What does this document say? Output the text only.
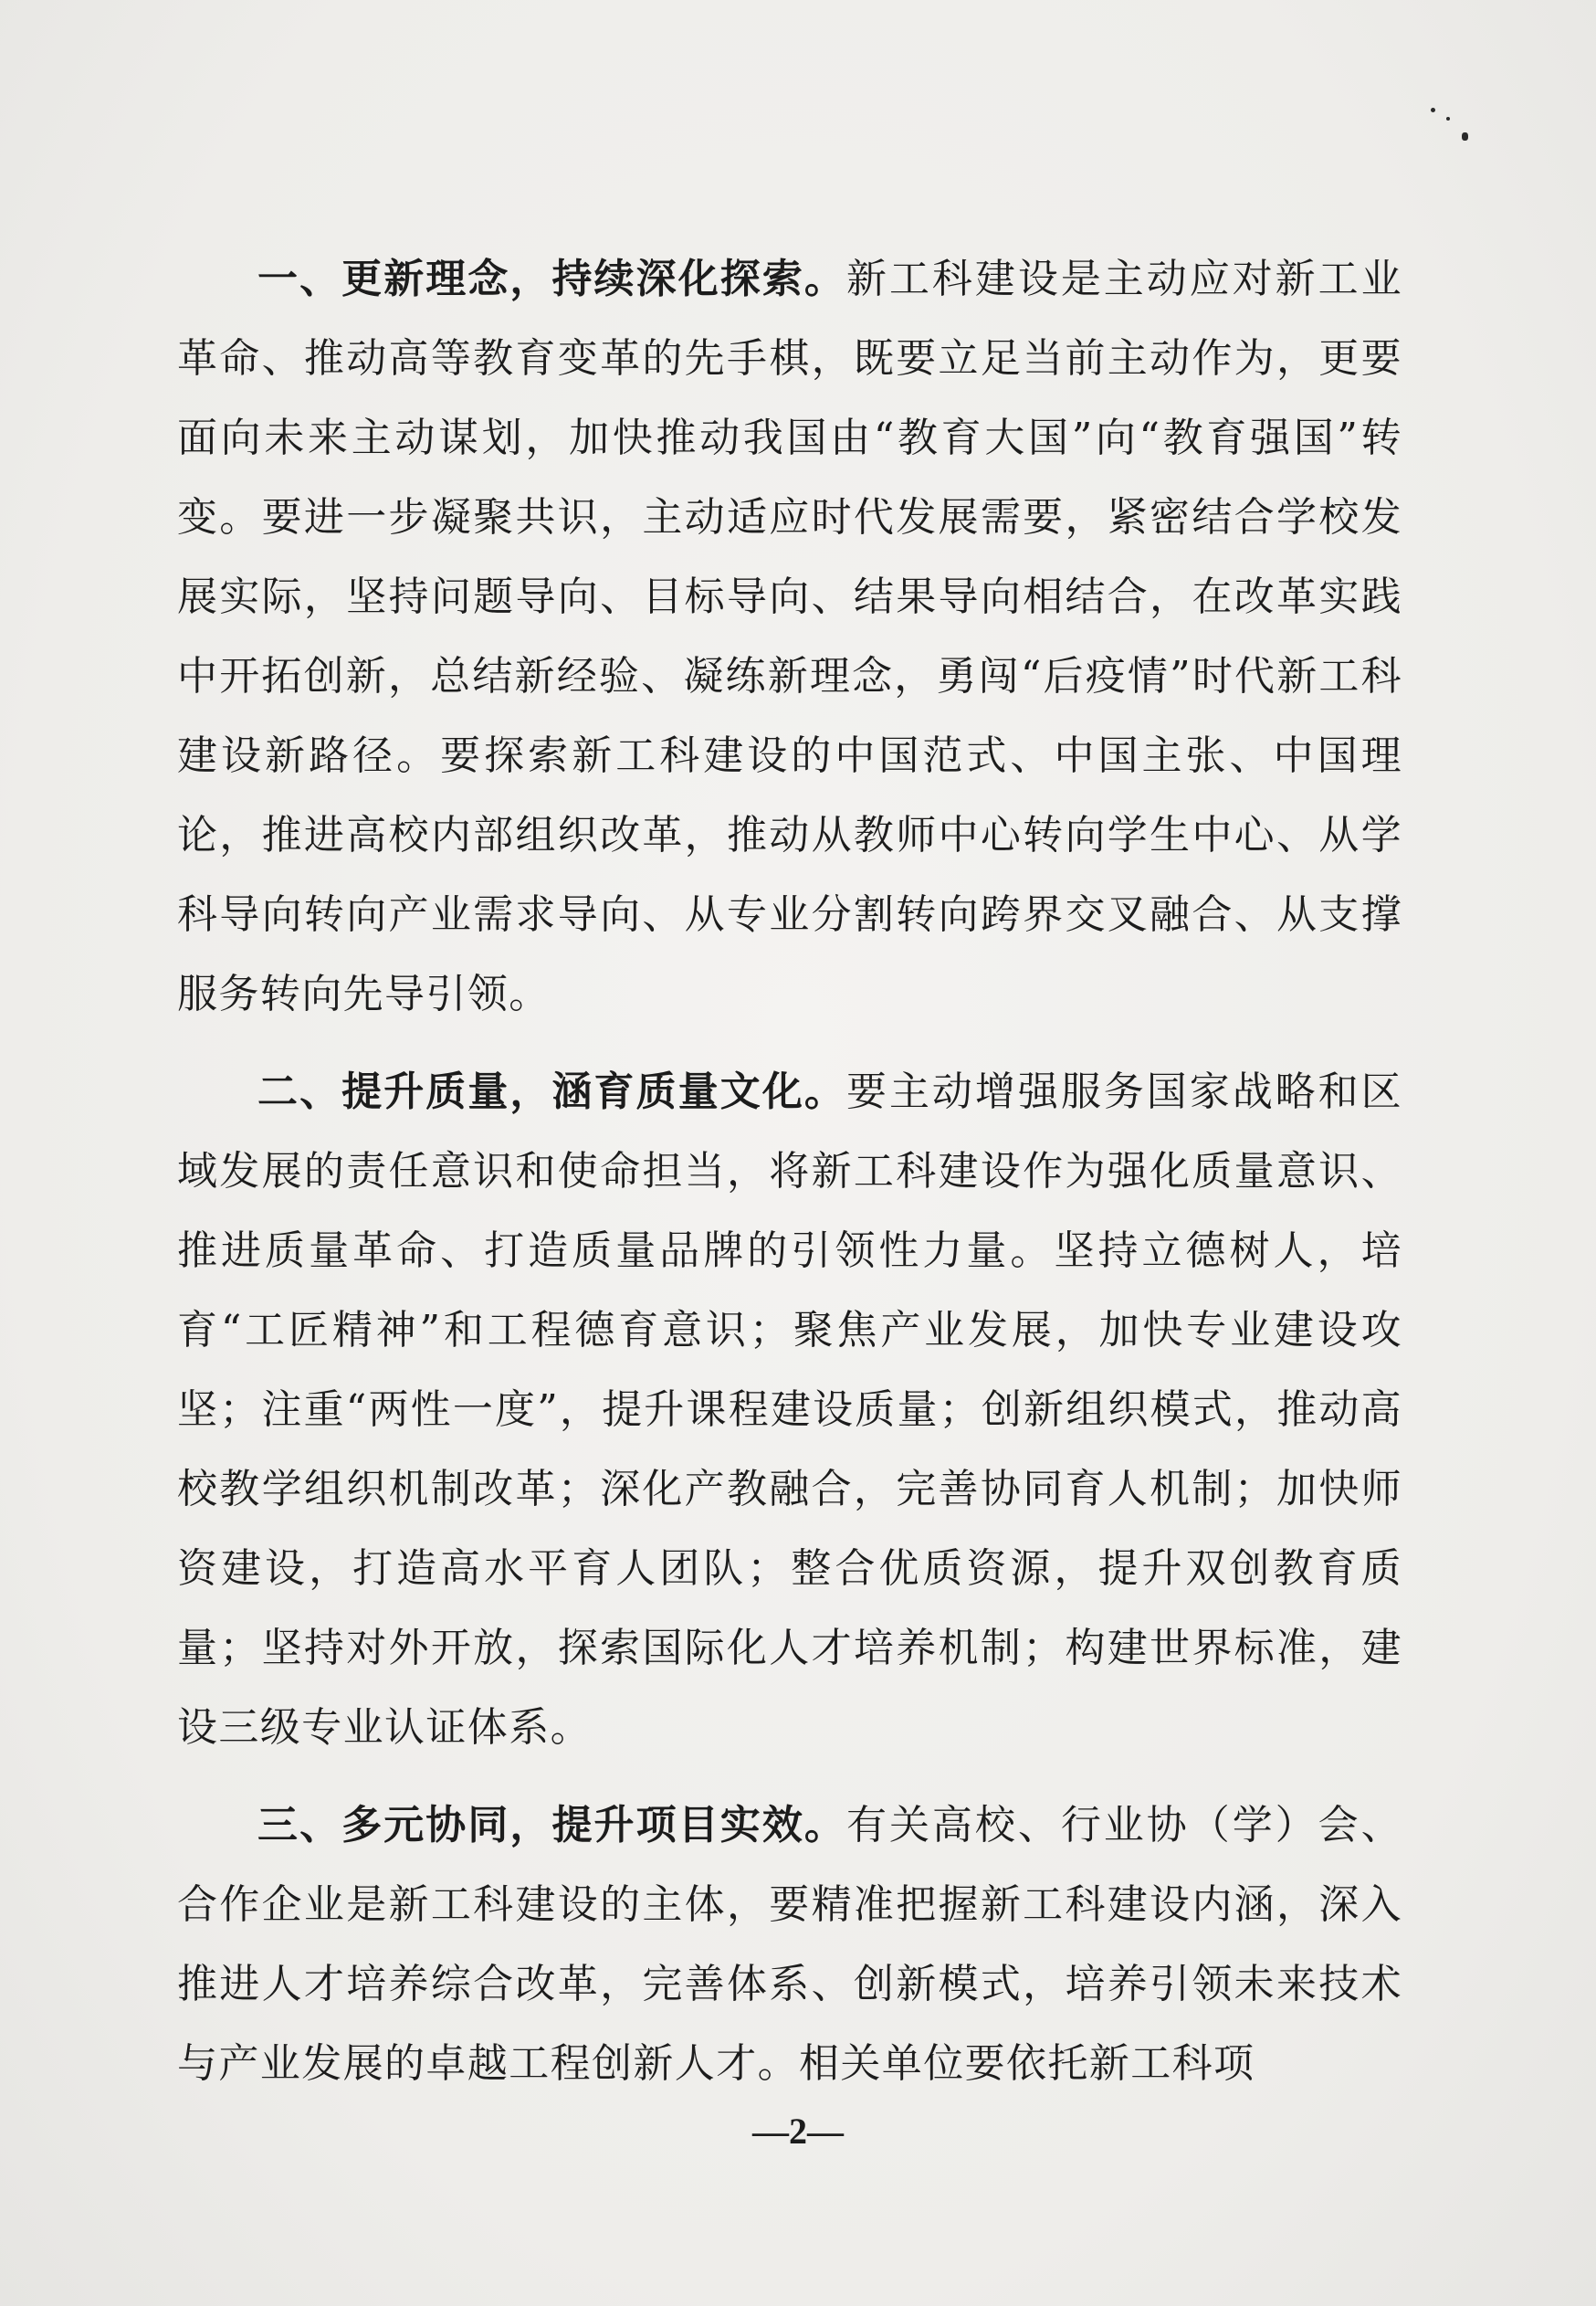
一、更新理念，持续深化探索。新工科建设是主动应对新工业革命、推动高等教育变革的先手棋，既要立足当前主动作为，更要面向未来主动谋划，加快推动我国由“教育大国”向“教育强国”转变。要进一步凝聚共识，主动适应时代发展需要，紧密结合学校发展实际，坚持问题导向、目标导向、结果导向相结合，在改革实践中开拓创新，总结新经验、凝练新理念，勇闯“后疫情”时代新工科建设新路径。要探索新工科建设的中国范式、中国主张、中国理论，推进高校内部组织改革，推动从教师中心转向学生中心、从学科导向转向产业需求导向、从专业分割转向跨界交叉融合、从支撑服务转向先导引领。

二、提升质量，涵育质量文化。要主动增强服务国家战略和区域发展的责任意识和使命担当，将新工科建设作为强化质量意识、推进质量革命、打造质量品牌的引领性力量。坚持立德树人，培育“工匠精神”和工程德育意识；聚焦产业发展，加快专业建设攻坚；注重“两性一度”，提升课程建设质量；创新组织模式，推动高校教学组织机制改革；深化产教融合，完善协同育人机制；加快师资建设，打造高水平育人团队；整合优质资源，提升双创教育质量；坚持对外开放，探索国际化人才培养机制；构建世界标准，建设三级专业认证体系。

三、多元协同，提升项目实效。有关高校、行业协（学）会、合作企业是新工科建设的主体，要精准把握新工科建设内涵，深入推进人才培养综合改革，完善体系、创新模式，培养引领未来技术与产业发展的卓越工程创新人才。相关单位要依托新工科项

—2—
